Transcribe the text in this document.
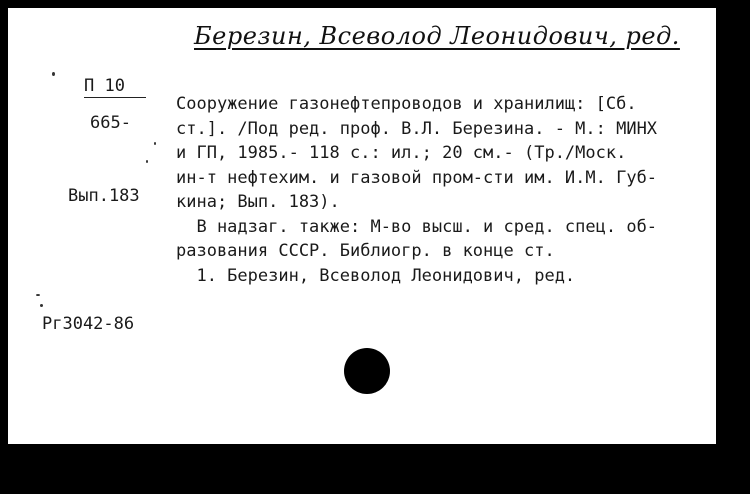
Березин, Всеволод Леонидович, ред.
П 10
665-
Вып.183
Сооружение газонефтепроводов и хранилищ: [Сб.
ст.]. /Под ред. проф. В.Л. Березина. - М.: МИНХ
и ГП, 1985.- 118 с.: ил.; 20 см.- (Тр./Моск.
ин-т нефтехим. и газовой пром-сти им. И.М. Губ-
кина; Вып. 183).
В надзаг. также: М-во высш. и сред. спец. об-
разования СССР. Библиогр. в конце ст.
1. Березин, Всеволод Леонидович, ред.
Рг3042-86
